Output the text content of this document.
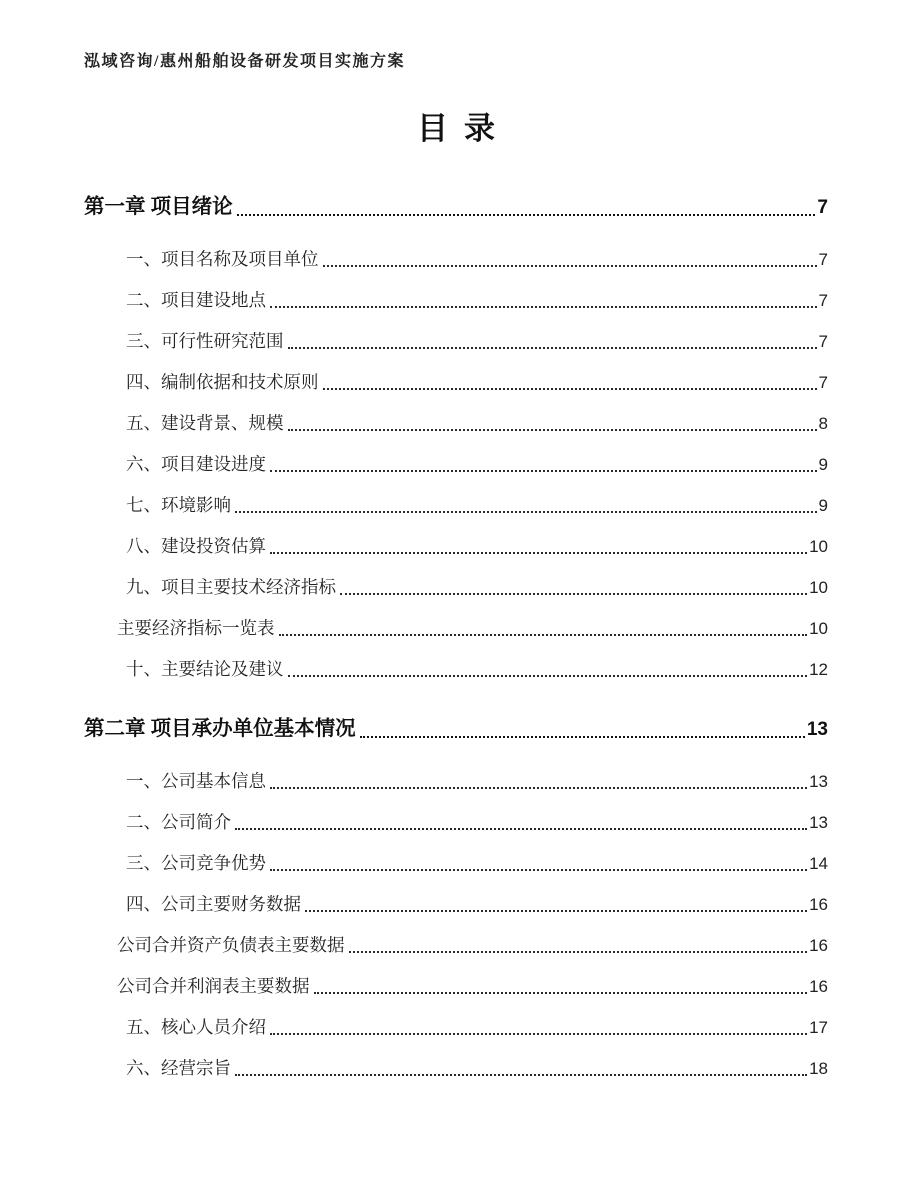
泓域咨询/惠州船舶设备研发项目实施方案
目录
第一章 项目绪论	7
一、项目名称及项目单位	7
二、项目建设地点	7
三、可行性研究范围	7
四、编制依据和技术原则	7
五、建设背景、规模	8
六、项目建设进度	9
七、环境影响	9
八、建设投资估算	10
九、项目主要技术经济指标	10
主要经济指标一览表	10
十、主要结论及建议	12
第二章 项目承办单位基本情况	13
一、公司基本信息	13
二、公司简介	13
三、公司竞争优势	14
四、公司主要财务数据	16
公司合并资产负债表主要数据	16
公司合并利润表主要数据	16
五、核心人员介绍	17
六、经营宗旨	18
